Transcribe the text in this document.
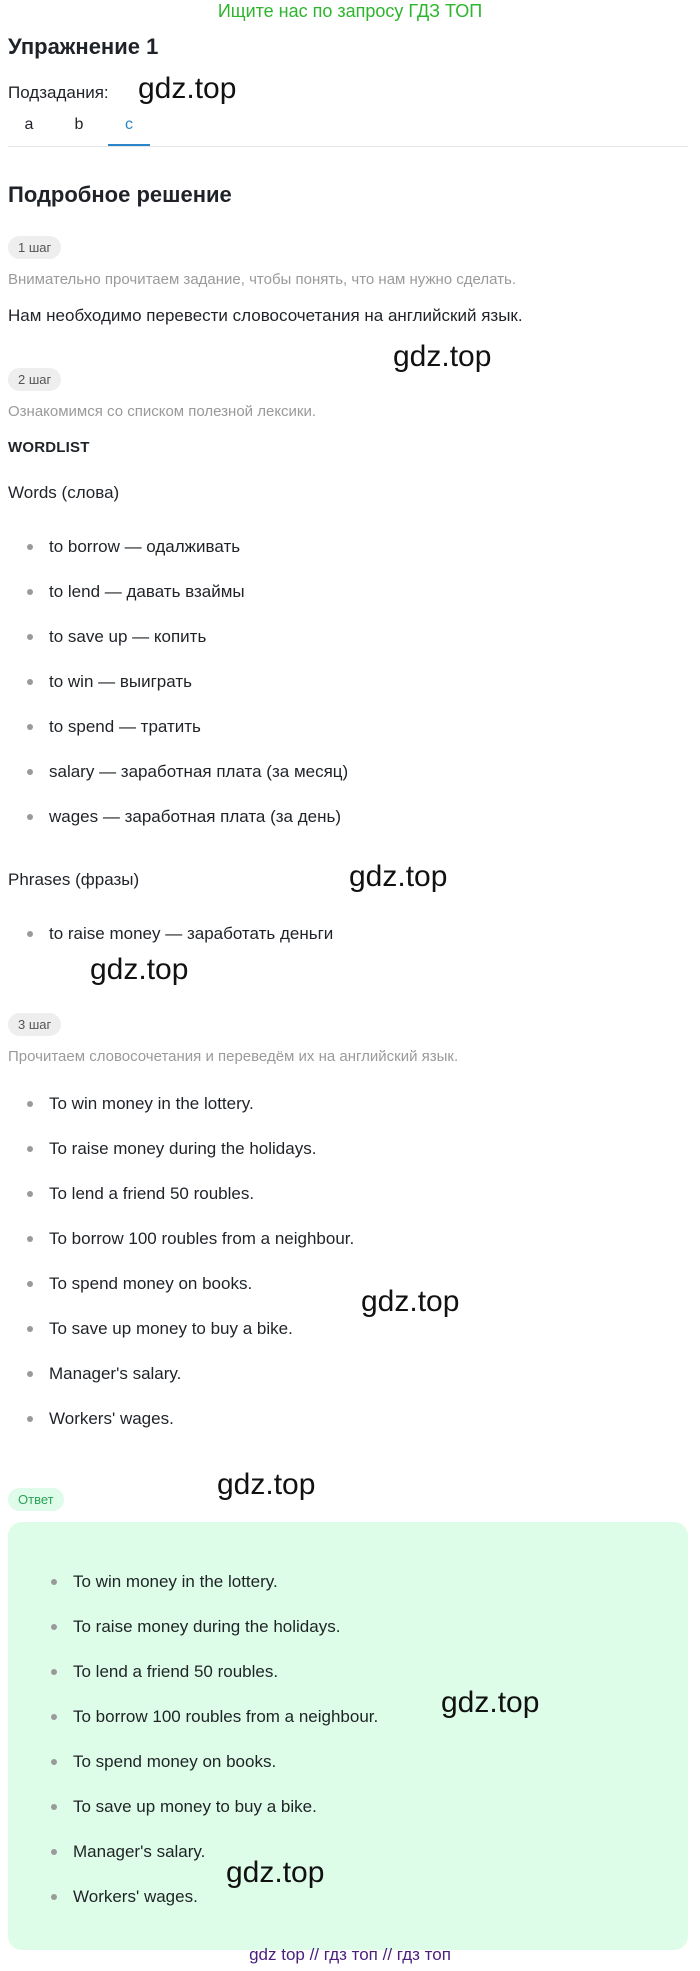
Ищите нас по запросу ГДЗ ТОП
Упражнение 1
Подзадания:
a	b	c
Подробное решение
1 шаг
Внимательно прочитаем задание, чтобы понять, что нам нужно сделать.
Нам необходимо перевести словосочетания на английский язык.
2 шаг
Ознакомимся со списком полезной лексики.
WORDLIST
Words (слова)
to borrow — одалживать
to lend — давать взаймы
to save up — копить
to win — выиграть
to spend — тратить
salary — заработная плата (за месяц)
wages — заработная плата (за день)
Phrases (фразы)
to raise money — заработать деньги
3 шаг
Прочитаем словосочетания и переведём их на английский язык.
To win money in the lottery.
To raise money during the holidays.
To lend a friend 50 roubles.
To borrow 100 roubles from a neighbour.
To spend money on books.
To save up money to buy a bike.
Manager's salary.
Workers' wages.
Ответ
To win money in the lottery.
To raise money during the holidays.
To lend a friend 50 roubles.
To borrow 100 roubles from a neighbour.
To spend money on books.
To save up money to buy a bike.
Manager's salary.
Workers' wages.
gdz.top
gdz.top
gdz.top
gdz.top
gdz.top
gdz.top
gdz.top
gdz.top
gdz top // гдз топ // гдз топ
